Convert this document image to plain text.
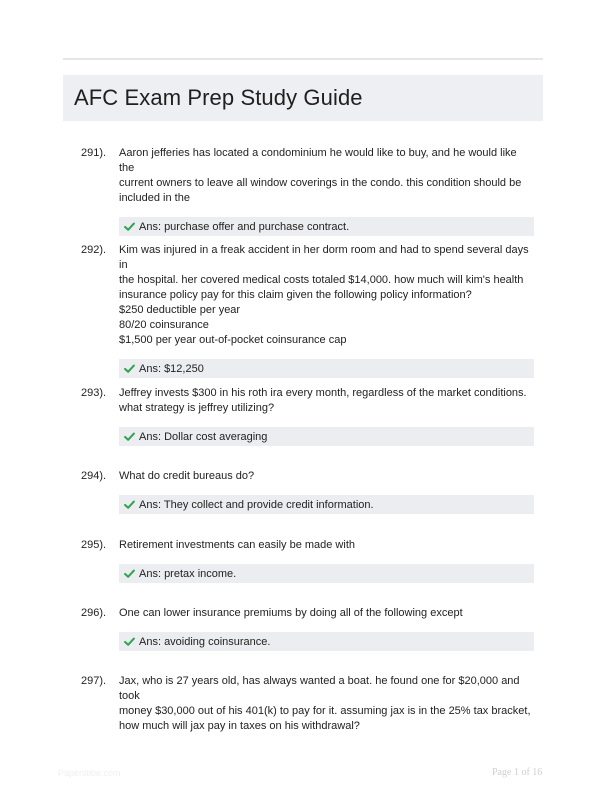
AFC Exam Prep Study Guide
291). Aaron jefferies has located a condominium he would like to buy, and he would like the
current owners to leave all window coverings in the condo. this condition should be
included in the
Ans: purchase offer and purchase contract.
292). Kim was injured in a freak accident in her dorm room and had to spend several days in
the hospital. her covered medical costs totaled $14,000. how much will kim's health
insurance policy pay for this claim given the following policy information?
$250 deductible per year
80/20 coinsurance
$1,500 per year out-of-pocket coinsurance cap
Ans: $12,250
293). Jeffrey invests $300 in his roth ira every month, regardless of the market conditions.
what strategy is jeffrey utilizing?
Ans: Dollar cost averaging
294). What do credit bureaus do?
Ans: They collect and provide credit information.
295). Retirement investments can easily be made with
Ans: pretax income.
296). One can lower insurance premiums by doing all of the following except
Ans: avoiding coinsurance.
297). Jax, who is 27 years old, has always wanted a boat. he found one for $20,000 and took
money $30,000 out of his 401(k) to pay for it. assuming jax is in the 25% tax bracket,
how much will jax pay in taxes on his withdrawal?
Paperstibe.com	Page 1 of 16
